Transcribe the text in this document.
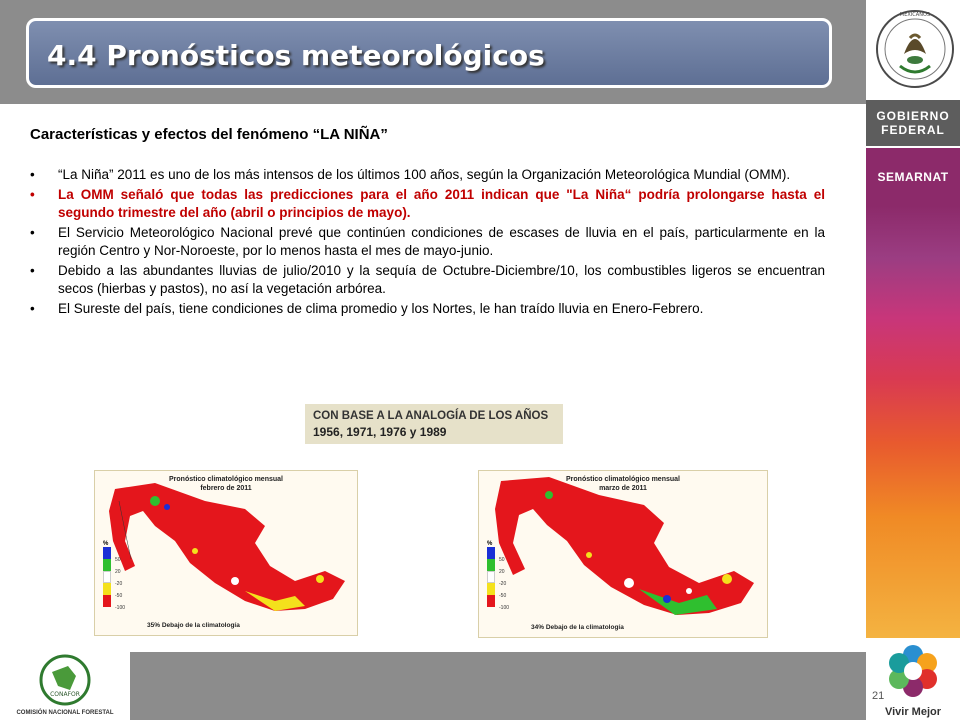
4.4 Pronósticos meteorológicos
MEXICANOS
GOBIERNO
FEDERAL
SEMARNAT
Vivir Mejor
Características y efectos del fenómeno “LA NIÑA”
• “La Niña” 2011 es uno de los más intensos de los últimos 100 años, según la Organización Meteorológica Mundial (OMM).
• La OMM señaló que todas las predicciones para el año 2011 indican que "La Niña“ podría prolongarse hasta el segundo trimestre del año (abril o principios de mayo).
• El Servicio Meteorológico Nacional prevé que continúen condiciones de escases de lluvia en el país, particularmente en la región Centro y Nor-Noroeste, por lo menos hasta el mes de mayo-junio.
• Debido a las abundantes lluvias de julio/2010 y la sequía de Octubre-Diciembre/10, los combustibles ligeros se encuentran secos (hierbas y pastos), no así la vegetación arbórea.
• El Sureste del país, tiene condiciones de clima promedio y los Nortes, le han traído lluvia en Enero-Febrero.
CON BASE A LA ANALOGÍA DE LOS AÑOS
1956, 1971, 1976 y 1989
Pronóstico climatológico mensual
febrero de 2011
%
50
20
-20
-50
-100
35% Debajo de la climatología
Pronóstico climatológico mensual
marzo de 2011
%
50
20
-20
-50
-100
34% Debajo de la climatología
CONAFOR
COMISIÓN NACIONAL FORESTAL
21
